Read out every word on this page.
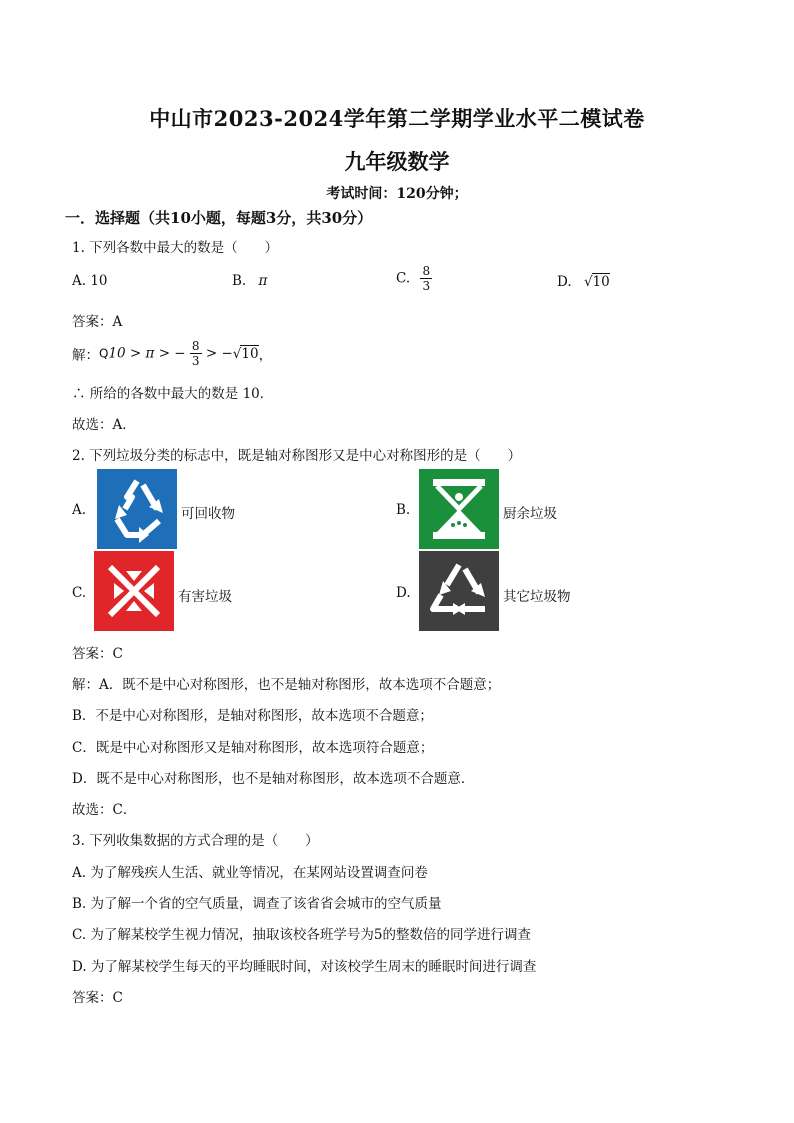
中山市2023-2024学年第二学期学业水平二模试卷
九年级数学
考试时间：120分钟；
一．选择题（共10小题，每题3分，共30分）
1. 下列各数中最大的数是（　　）
A. 10	B. π	C. $\frac{8}{3}$	D. √10
答案：A
解：Q10 > π > − $\frac{8}{3} > -√10$，
∴ 所给的各数中最大的数是 10．
故选：A．
2. 下列垃圾分类的标志中，既是轴对称图形又是中心对称图形的是（　　）
A.	可回收物	B.	厨余垃圾
C.	有害垃圾	D.	其它垃圾物
答案：C
解：A．既不是中心对称图形，也不是轴对称图形，故本选项不合题意；
B．不是中心对称图形，是轴对称图形，故本选项不合题意；
C．既是中心对称图形又是轴对称图形，故本选项符合题意；
D．既不是中心对称图形，也不是轴对称图形，故本选项不合题意．
故选：C．
3. 下列收集数据的方式合理的是（　　）
A. 为了解残疾人生活、就业等情况，在某网站设置调查问卷
B. 为了解一个省的空气质量，调查了该省省会城市的空气质量
C. 为了解某校学生视力情况，抽取该校各班学号为5的整数倍的同学进行调查
D. 为了解某校学生每天的平均睡眠时间，对该校学生周末的睡眠时间进行调查
答案：C
